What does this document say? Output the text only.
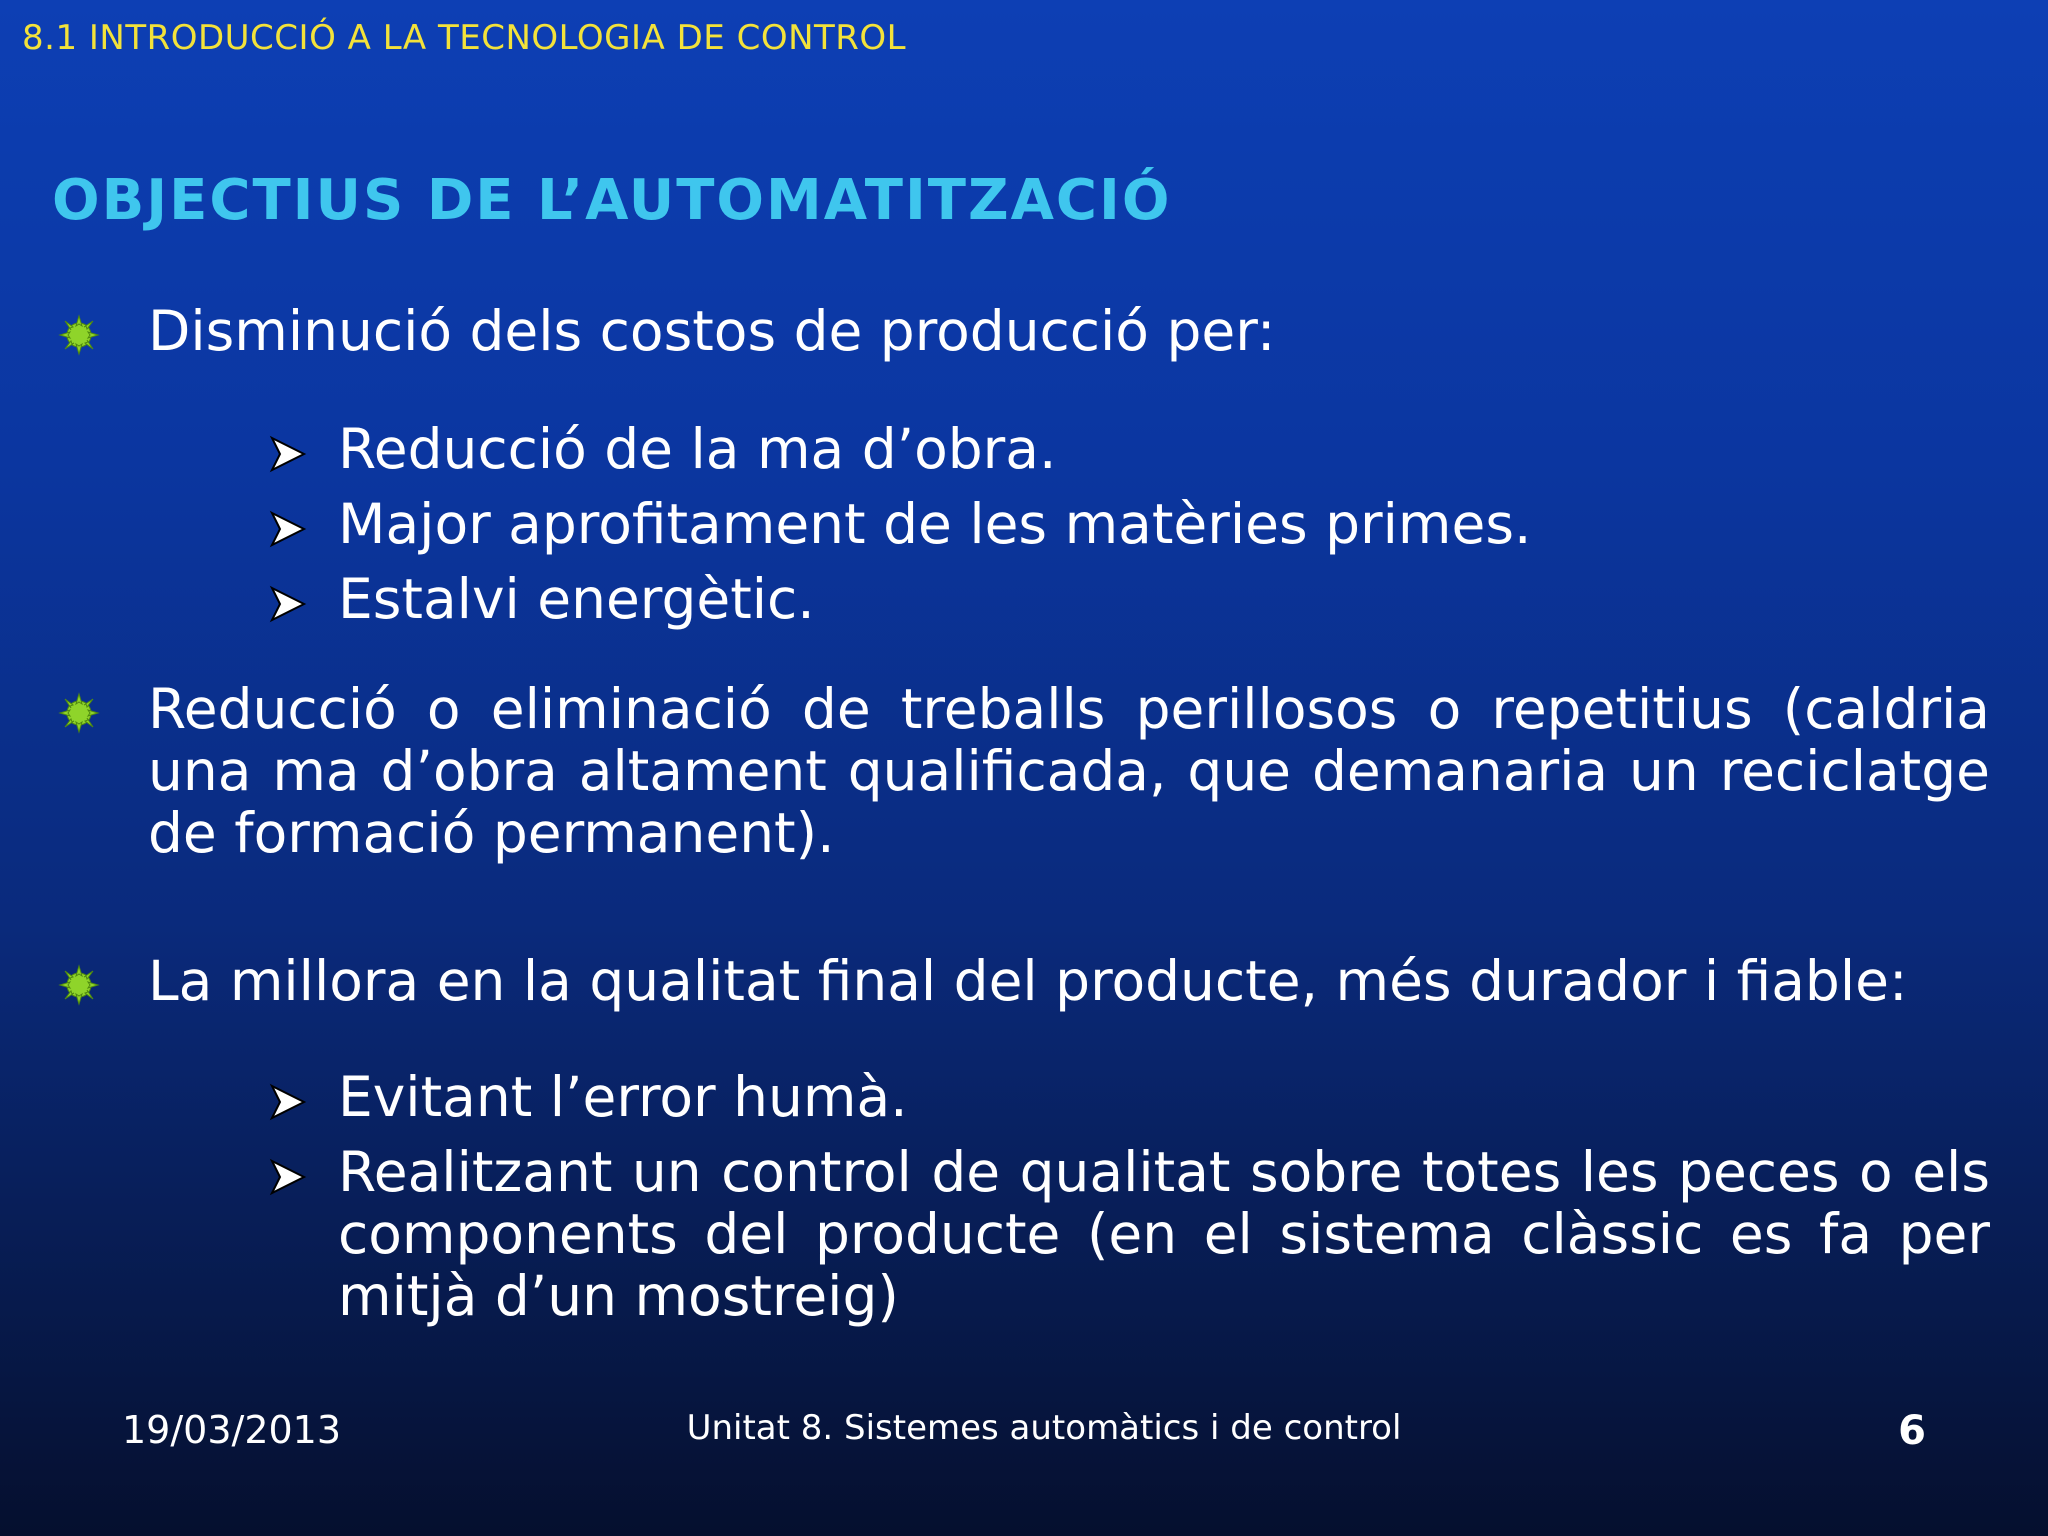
8.1 INTRODUCCIÓ A LA TECNOLOGIA DE CONTROL
OBJECTIUS DE L’AUTOMATITZACIÓ
Disminució dels costos de producció per:
Reducció de la ma d’obra.
Major aprofitament de les matèries primes.
Estalvi energètic.
Reducció o eliminació de treballs perillosos o repetitius (caldria una ma d’obra altament qualificada, que demanaria un reciclatge de formació permanent).
La millora en la qualitat final del producte, més durador i fiable:
Evitant l’error humà.
Realitzant un control de qualitat sobre totes les peces o els components del producte (en el sistema clàssic es fa per mitjà d’un mostreig)
19/03/2013	Unitat 8. Sistemes automàtics i de control	6
